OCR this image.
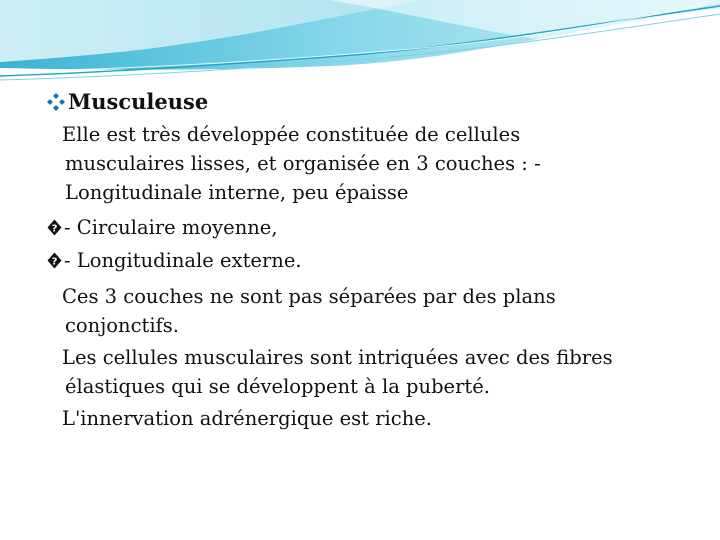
Musculeuse
Elle est très développée constituée de cellules
musculaires lisses, et organisée en 3 couches : -
Longitudinale interne, peu épaisse
? - Circulaire moyenne,
? - Longitudinale externe.
Ces 3 couches ne sont pas séparées par des plans
conjonctifs.
Les cellules musculaires sont intriquées avec des fibres
élastiques qui se développent à la puberté.
L'innervation adrénergique est riche.
